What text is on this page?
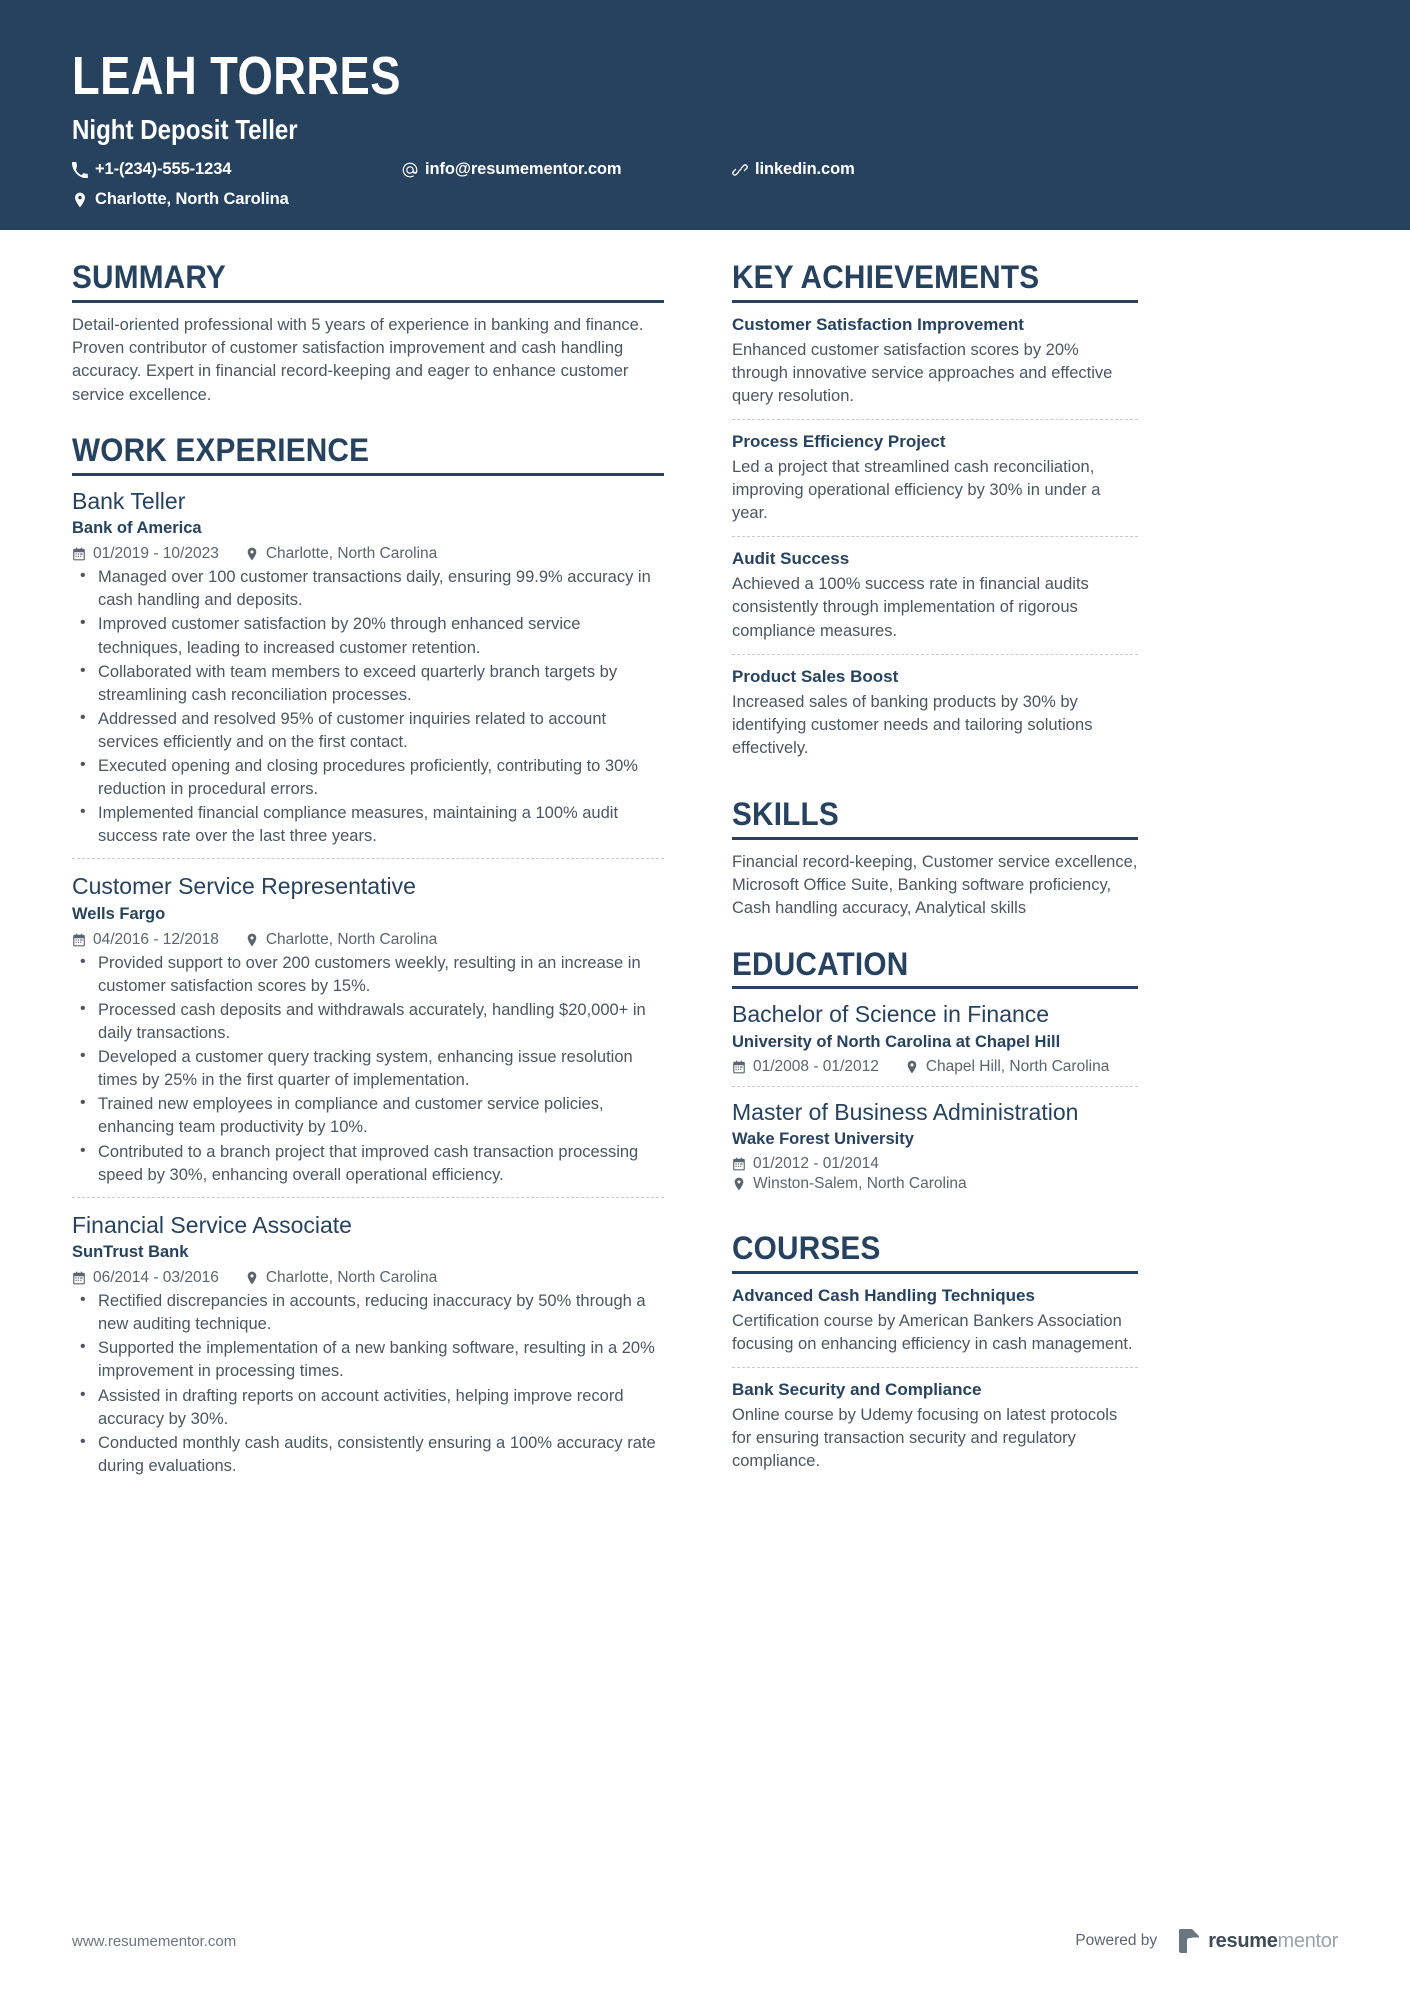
LEAH TORRES
Night Deposit Teller
+1-(234)-555-1234	info@resumementor.com	linkedin.com
Charlotte, North Carolina
SUMMARY
Detail-oriented professional with 5 years of experience in banking and finance. Proven contributor of customer satisfaction improvement and cash handling accuracy. Expert in financial record-keeping and eager to enhance customer service excellence.
WORK EXPERIENCE
Bank Teller
Bank of America
01/2019 - 10/2023	Charlotte, North Carolina
• Managed over 100 customer transactions daily, ensuring 99.9% accuracy in cash handling and deposits.
• Improved customer satisfaction by 20% through enhanced service techniques, leading to increased customer retention.
• Collaborated with team members to exceed quarterly branch targets by streamlining cash reconciliation processes.
• Addressed and resolved 95% of customer inquiries related to account services efficiently and on the first contact.
• Executed opening and closing procedures proficiently, contributing to 30% reduction in procedural errors.
• Implemented financial compliance measures, maintaining a 100% audit success rate over the last three years.
Customer Service Representative
Wells Fargo
04/2016 - 12/2018	Charlotte, North Carolina
• Provided support to over 200 customers weekly, resulting in an increase in customer satisfaction scores by 15%.
• Processed cash deposits and withdrawals accurately, handling $20,000+ in daily transactions.
• Developed a customer query tracking system, enhancing issue resolution times by 25% in the first quarter of implementation.
• Trained new employees in compliance and customer service policies, enhancing team productivity by 10%.
• Contributed to a branch project that improved cash transaction processing speed by 30%, enhancing overall operational efficiency.
Financial Service Associate
SunTrust Bank
06/2014 - 03/2016	Charlotte, North Carolina
• Rectified discrepancies in accounts, reducing inaccuracy by 50% through a new auditing technique.
• Supported the implementation of a new banking software, resulting in a 20% improvement in processing times.
• Assisted in drafting reports on account activities, helping improve record accuracy by 30%.
• Conducted monthly cash audits, consistently ensuring a 100% accuracy rate during evaluations.
KEY ACHIEVEMENTS
Customer Satisfaction Improvement
Enhanced customer satisfaction scores by 20% through innovative service approaches and effective query resolution.
Process Efficiency Project
Led a project that streamlined cash reconciliation, improving operational efficiency by 30% in under a year.
Audit Success
Achieved a 100% success rate in financial audits consistently through implementation of rigorous compliance measures.
Product Sales Boost
Increased sales of banking products by 30% by identifying customer needs and tailoring solutions effectively.
SKILLS
Financial record-keeping, Customer service excellence, Microsoft Office Suite, Banking software proficiency, Cash handling accuracy, Analytical skills
EDUCATION
Bachelor of Science in Finance
University of North Carolina at Chapel Hill
01/2008 - 01/2012	Chapel Hill, North Carolina
Master of Business Administration
Wake Forest University
01/2012 - 01/2014
Winston-Salem, North Carolina
COURSES
Advanced Cash Handling Techniques
Certification course by American Bankers Association focusing on enhancing efficiency in cash management.
Bank Security and Compliance
Online course by Udemy focusing on latest protocols for ensuring transaction security and regulatory compliance.
www.resumementor.com	Powered by	resumementor
